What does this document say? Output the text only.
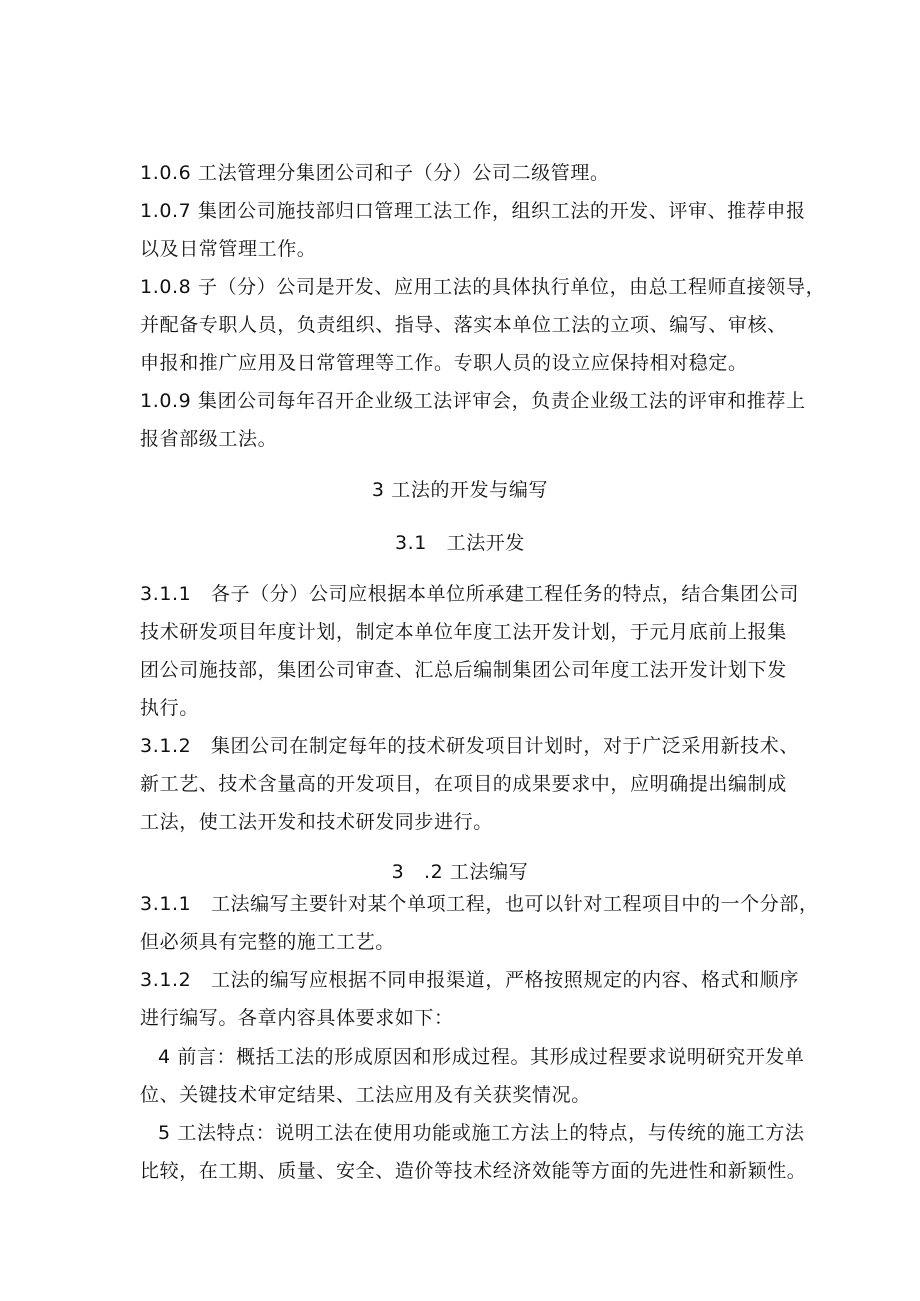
1.0.6 工法管理分集团公司和子（分）公司二级管理。
1.0.7 集团公司施技部归口管理工法工作，组织工法的开发、评审、推荐申报
以及日常管理工作。
1.0.8 子（分）公司是开发、应用工法的具体执行单位，由总工程师直接领导，
并配备专职人员，负责组织、指导、落实本单位工法的立项、编写、审核、
申报和推广应用及日常管理等工作。专职人员的设立应保持相对稳定。
1.0.9 集团公司每年召开企业级工法评审会，负责企业级工法的评审和推荐上
报省部级工法。
3 工法的开发与编写
3.1　工法开发
3.1.1　各子（分）公司应根据本单位所承建工程任务的特点，结合集团公司
技术研发项目年度计划，制定本单位年度工法开发计划，于元月底前上报集
团公司施技部，集团公司审查、汇总后编制集团公司年度工法开发计划下发
执行。
3.1.2　集团公司在制定每年的技术研发项目计划时，对于广泛采用新技术、
新工艺、技术含量高的开发项目，在项目的成果要求中，应明确提出编制成
工法，使工法开发和技术研发同步进行。
3　.2 工法编写
3.1.1　工法编写主要针对某个单项工程，也可以针对工程项目中的一个分部，
但必须具有完整的施工工艺。
3.1.2　工法的编写应根据不同申报渠道，严格按照规定的内容、格式和顺序
进行编写。各章内容具体要求如下：
4 前言：概括工法的形成原因和形成过程。其形成过程要求说明研究开发单
位、关键技术审定结果、工法应用及有关获奖情况。
5 工法特点：说明工法在使用功能或施工方法上的特点，与传统的施工方法
比较，在工期、质量、安全、造价等技术经济效能等方面的先进性和新颖性。
